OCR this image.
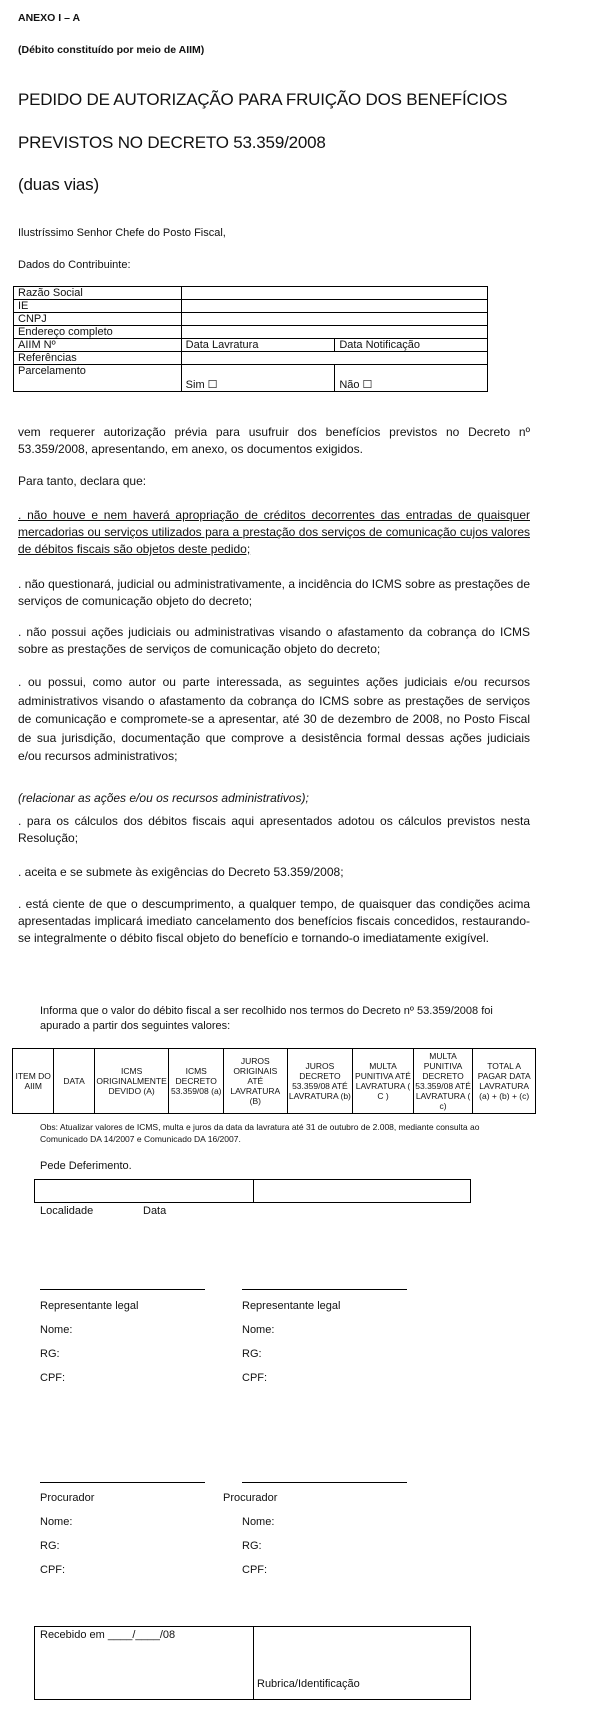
ANEXO I – A
(Débito constituído por meio de AIIM)
PEDIDO DE AUTORIZAÇÃO PARA FRUIÇÃO DOS BENEFÍCIOS
PREVISTOS NO DECRETO 53.359/2008
(duas vias)
Ilustríssimo Senhor Chefe do Posto Fiscal,
Dados do Contribuinte:
Razão Social		
IE		
CNPJ		
Endereço completo		
AIIM Nº	Data Lavratura	Data Notificação
Referências		
Parcelamento	Sim ☐	Não ☐
vem requerer autorização prévia para usufruir dos benefícios previstos no Decreto nº 53.359/2008, apresentando, em anexo, os documentos exigidos.
Para tanto, declara que:
. não houve e nem haverá apropriação de créditos decorrentes das entradas de quaisquer mercadorias ou serviços utilizados para a prestação dos serviços de comunicação cujos valores de débitos fiscais são objetos deste pedido;
. não questionará, judicial ou administrativamente, a incidência do ICMS sobre as prestações de serviços de comunicação objeto do decreto;
. não possui ações judiciais ou administrativas visando o afastamento da cobrança do ICMS sobre as prestações de serviços de comunicação objeto do decreto;
. ou possui, como autor ou parte interessada, as seguintes ações judiciais e/ou recursos administrativos visando o afastamento da cobrança do ICMS sobre as prestações de serviços de comunicação e compromete-se a apresentar, até 30 de dezembro de 2008, no Posto Fiscal de sua jurisdição, documentação que comprove a desistência formal dessas ações judiciais e/ou recursos administrativos;
(relacionar as ações e/ou os recursos administrativos);
. para os cálculos dos débitos fiscais aqui apresentados adotou os cálculos previstos nesta Resolução;
. aceita e se submete às exigências do Decreto 53.359/2008;
. está ciente de que o descumprimento, a qualquer tempo, de quaisquer das condições acima apresentadas implicará imediato cancelamento dos benefícios fiscais concedidos, restaurando-se integralmente o débito fiscal objeto do benefício e tornando-o imediatamente exigível.
Informa que o valor do débito fiscal a ser recolhido nos termos do Decreto nº 53.359/2008 foi apurado a partir dos seguintes valores:
ITEM DO AIIM	DATA	ICMS ORIGINALMENTE DEVIDO (A)	ICMS DECRETO 53.359/08 (a)	JUROS ORIGINAIS ATÉ LAVRATURA (B)	JUROS DECRETO 53.359/08 ATÉ LAVRATURA (b)	MULTA PUNITIVA ATÉ LAVRATURA ( C )	MULTA PUNITIVA DECRETO 53.359/08 ATÉ LAVRATURA ( c)	TOTAL A PAGAR DATA LAVRATURA (a) + (b) + (c)
Obs: Atualizar valores de ICMS, multa e juros da data da lavratura até 31 de outubro de 2.008, mediante consulta ao Comunicado DA 14/2007 e Comunicado DA 16/2007.
Pede Deferimento.
Localidade	Data
Representante legal	Representante legal
Nome:	Nome:
RG:	RG:
CPF:	CPF:
Procurador	Procurador
Nome:	Nome:
RG:	RG:
CPF:	CPF:
Recebido em ____/____/08
Rubrica/Identificação
